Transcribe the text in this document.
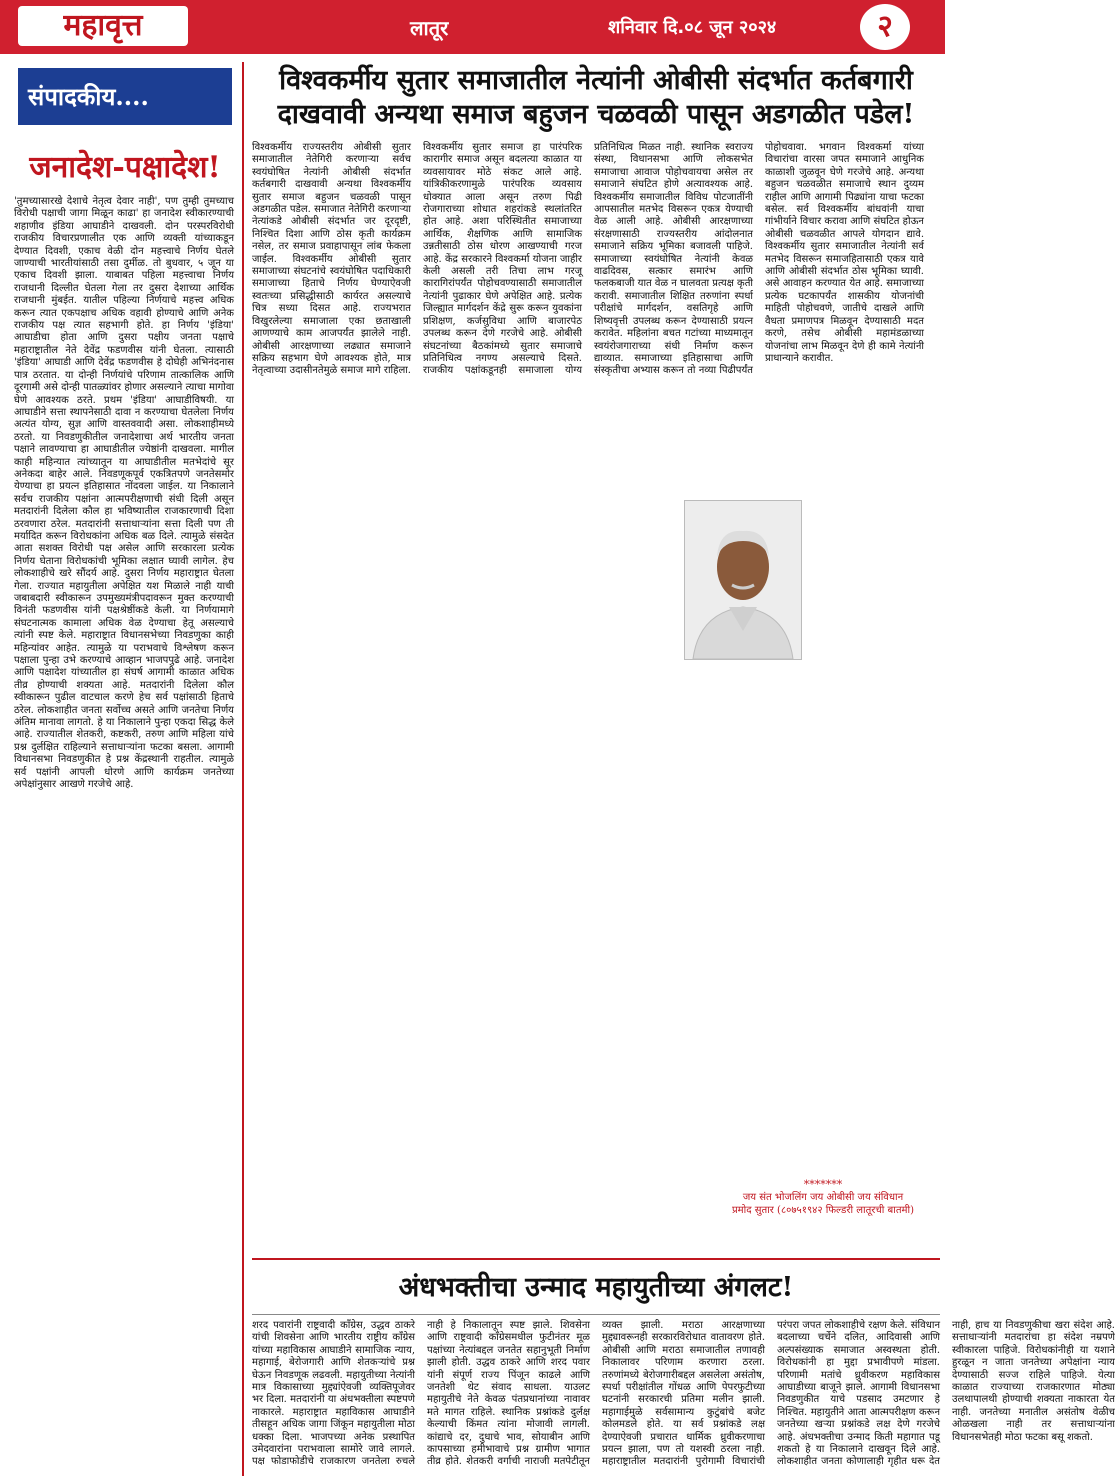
महावृत्त	लातूर	शनिवार दि.०८ जून २०२४	२
संपादकीय....
जनादेश-पक्षादेश!

'तुमच्यासारखे देशाचे नेतृत्व देवार नाही', पण तुम्ही तुमच्याच विरोधी पक्षाची जागा मिळून काढा' हा जनादेश स्वीकारण्याची शहाणीव इंडिया आघाडीने दाखवली. दोन परस्परविरोधी राजकीय विचारप्रणालीत एक आणि व्यक्ती यांच्याकडून देण्यात दिवशी, एकाच वेळी दोन महत्त्वाचे निर्णय घेतले जाण्याची भारतीयांसाठी तसा दुर्मीळ. तो बुधवार, ५ जून या एकाच दिवशी झाला. याबाबत पहिला महत्त्वाचा निर्णय राजधानी दिल्लीत घेतला गेला तर दुसरा देशाच्या आर्थिक राजधानी मुंबईत. यातील पहिल्या निर्णयाचे महत्त्व अधिक करून त्यात एकपक्षाच अधिक वहावी होण्याचे आणि अनेक राजकीय पक्ष त्यात सहभागी होते. हा निर्णय 'इंडिया' आघाडीचा होता आणि दुसरा पक्षीय जनता पक्षाचे महाराष्ट्रातील नेते देवेंद्र फडणवीस यांनी घेतला. त्यासाठी 'इंडिया' आघाडी आणि देवेंद्र फडणवीस हे दोघेही अभिनंदनास पात्र ठरतात. या दोन्ही निर्णयांचे परिणाम तात्कालिक आणि दूरगामी असे दोन्ही पातळ्यांवर होणार असल्याने त्याचा मागोवा घेणे आवश्यक ठरते. प्रथम 'इंडिया' आघाडीविषयी. या आघाडीने सत्ता स्थापनेसाठी दावा न करण्याचा घेतलेला निर्णय अत्यंत योग्य, सुज्ञ आणि वास्तववादी असा. लोकशाहीमध्ये ठरतो. या निवडणुकीतील जनादेशाचा अर्थ भारतीय जनता पक्षाने लावण्याचा हा आघाडीतील ज्येष्ठांनी दाखवला. मागील काही महिन्यात त्यांच्यातून या आघाडीतील मतभेदांचे सूर अनेकदा बाहेर आले. निवडणूकपूर्व एकत्रितपणे जनतेसमोर येण्याचा हा प्रयत्न इतिहासात नोंदवला जाईल. या निकालाने सर्वच राजकीय पक्षांना आत्मपरीक्षणाची संधी दिली असून मतदारांनी दिलेला कौल हा भविष्यातील राजकारणाची दिशा ठरवणारा ठरेल. मतदारांनी सत्ताधाऱ्यांना सत्ता दिली पण ती मर्यादित करून विरोधकांना अधिक बळ दिले. त्यामुळे संसदेत आता सशक्त विरोधी पक्ष असेल आणि सरकारला प्रत्येक निर्णय घेताना विरोधकांची भूमिका लक्षात घ्यावी लागेल. हेच लोकशाहीचे खरे सौंदर्य आहे. दुसरा निर्णय महाराष्ट्रात घेतला गेला. राज्यात महायुतीला अपेक्षित यश मिळाले नाही याची जबाबदारी स्वीकारून उपमुख्यमंत्रीपदावरून मुक्त करण्याची विनंती फडणवीस यांनी पक्षश्रेष्ठींकडे केली. या निर्णयामागे संघटनात्मक कामाला अधिक वेळ देण्याचा हेतू असल्याचे त्यांनी स्पष्ट केले. महाराष्ट्रात विधानसभेच्या निवडणुका काही महिन्यांवर आहेत. त्यामुळे या पराभवाचे विश्लेषण करून पक्षाला पुन्हा उभे करण्याचे आव्हान भाजपपुढे आहे. जनादेश आणि पक्षादेश यांच्यातील हा संघर्ष आगामी काळात अधिक तीव्र होण्याची शक्यता आहे. मतदारांनी दिलेला कौल स्वीकारून पुढील वाटचाल करणे हेच सर्व पक्षांसाठी हिताचे ठरेल. लोकशाहीत जनता सर्वोच्च असते आणि जनतेचा निर्णय अंतिम मानावा लागतो. हे या निकालाने पुन्हा एकदा सिद्ध केले आहे. राज्यातील शेतकरी, कष्टकरी, तरुण आणि महिला यांचे प्रश्न दुर्लक्षित राहिल्याने सत्ताधाऱ्यांना फटका बसला. आगामी विधानसभा निवडणुकीत हे प्रश्न केंद्रस्थानी राहतील. त्यामुळे सर्व पक्षांनी आपली धोरणे आणि कार्यक्रम जनतेच्या अपेक्षांनुसार आखणे गरजेचे आहे.

विश्वकर्मीय सुतार समाजातील नेत्यांनी ओबीसी संदर्भात कर्तबगारी दाखवावी अन्यथा समाज बहुजन चळवळी पासून अडगळीत पडेल!

विश्वकर्मीय राज्यस्तरीय ओबीसी सुतार समाजातील नेतेगिरी करणाऱ्या सर्वच स्वयंघोषित नेत्यांनी ओबीसी संदर्भात कर्तबगारी दाखवावी अन्यथा विश्वकर्मीय सुतार समाज बहुजन चळवळी पासून अडगळीत पडेल. समाजात नेतेगिरी करणाऱ्या नेत्यांकडे ओबीसी संदर्भात जर दूरदृष्टी, निश्चित दिशा आणि ठोस कृती कार्यक्रम नसेल, तर समाज प्रवाहापासून लांब फेकला जाईल. विश्वकर्मीय ओबीसी सुतार समाजाच्या संघटनांचे स्वयंघोषित पदाधिकारी समाजाच्या हिताचे निर्णय घेण्याऐवजी स्वतःच्या प्रसिद्धीसाठी कार्यरत असल्याचे चित्र सध्या दिसत आहे. राज्यभरात विखुरलेल्या समाजाला एका छताखाली आणण्याचे काम आजपर्यंत झालेले नाही. ओबीसी आरक्षणाच्या लढ्यात समाजाने सक्रिय सहभाग घेणे आवश्यक होते, मात्र नेतृत्वाच्या उदासीनतेमुळे समाज मागे राहिला. विश्वकर्मीय सुतार समाज हा पारंपरिक कारागीर समाज असून बदलत्या काळात या व्यवसायावर मोठे संकट आले आहे. यांत्रिकीकरणामुळे पारंपरिक व्यवसाय धोक्यात आला असून तरुण पिढी रोजगाराच्या शोधात शहरांकडे स्थलांतरित होत आहे. अशा परिस्थितीत समाजाच्या आर्थिक, शैक्षणिक आणि सामाजिक उन्नतीसाठी ठोस धोरण आखण्याची गरज आहे. केंद्र सरकारने विश्वकर्मा योजना जाहीर केली असली तरी तिचा लाभ गरजू कारागिरांपर्यंत पोहोचवण्यासाठी समाजातील नेत्यांनी पुढाकार घेणे अपेक्षित आहे. प्रत्येक जिल्ह्यात मार्गदर्शन केंद्रे सुरू करून युवकांना प्रशिक्षण, कर्जसुविधा आणि बाजारपेठ उपलब्ध करून देणे गरजेचे आहे. ओबीसी संघटनांच्या बैठकांमध्ये सुतार समाजाचे प्रतिनिधित्व नगण्य असल्याचे दिसते. राजकीय पक्षांकडूनही समाजाला योग्य प्रतिनिधित्व मिळत नाही. स्थानिक स्वराज्य संस्था, विधानसभा आणि लोकसभेत समाजाचा आवाज पोहोचवायचा असेल तर समाजाने संघटित होणे अत्यावश्यक आहे. विश्वकर्मीय समाजातील विविध पोटजातींनी आपसातील मतभेद विसरून एकत्र येण्याची वेळ आली आहे. ओबीसी आरक्षणाच्या संरक्षणासाठी राज्यस्तरीय आंदोलनात समाजाने सक्रिय भूमिका बजावली पाहिजे. समाजाच्या स्वयंघोषित नेत्यांनी केवळ वाढदिवस, सत्कार समारंभ आणि फलकबाजी यात वेळ न घालवता प्रत्यक्ष कृती करावी. समाजातील शिक्षित तरुणांना स्पर्धा परीक्षांचे मार्गदर्शन, वसतिगृहे आणि शिष्यवृत्ती उपलब्ध करून देण्यासाठी प्रयत्न करावेत. महिलांना बचत गटांच्या माध्यमातून स्वयंरोजगाराच्या संधी निर्माण करून द्याव्यात. समाजाच्या इतिहासाचा आणि संस्कृतीचा अभ्यास करून तो नव्या पिढीपर्यंत पोहोचवावा. भगवान विश्वकर्मा यांच्या विचारांचा वारसा जपत समाजाने आधुनिक काळाशी जुळवून घेणे गरजेचे आहे. अन्यथा बहुजन चळवळीत समाजाचे स्थान दुय्यम राहील आणि आगामी पिढ्यांना याचा फटका बसेल. सर्व विश्वकर्मीय बांधवांनी याचा गांभीर्याने विचार करावा आणि संघटित होऊन ओबीसी चळवळीत आपले योगदान द्यावे. विश्वकर्मीय सुतार समाजातील नेत्यांनी सर्व मतभेद विसरून समाजहितासाठी एकत्र यावे आणि ओबीसी संदर्भात ठोस भूमिका घ्यावी. असे आवाहन करण्यात येत आहे. समाजाच्या प्रत्येक घटकापर्यंत शासकीय योजनांची माहिती पोहोचवणे, जातीचे दाखले आणि वैधता प्रमाणपत्र मिळवून देण्यासाठी मदत करणे, तसेच ओबीसी महामंडळाच्या योजनांचा लाभ मिळवून देणे ही कामे नेत्यांनी प्राधान्याने करावीत.

*******
जय संत भोजलिंग जय ओबीसी जय संविधान
प्रमोद सुतार (८०७५१९४२ फिल्डरी लातूरची बातमी)
अंधभक्तीचा उन्माद महायुतीच्या अंगलट!

शरद पवारांनी राष्ट्रवादी काँग्रेस, उद्धव ठाकरे यांची शिवसेना आणि भारतीय राष्ट्रीय काँग्रेस यांच्या महाविकास आघाडीने सामाजिक न्याय, महागाई, बेरोजगारी आणि शेतकऱ्यांचे प्रश्न घेऊन निवडणूक लढवली. महायुतीच्या नेत्यांनी मात्र विकासाच्या मुद्द्यांऐवजी व्यक्तिपूजेवर भर दिला. मतदारांनी या अंधभक्तीला स्पष्टपणे नाकारले. महाराष्ट्रात महाविकास आघाडीने तीसहून अधिक जागा जिंकून महायुतीला मोठा धक्का दिला. भाजपच्या अनेक प्रस्थापित उमेदवारांना पराभवाला सामोरे जावे लागले. पक्ष फोडाफोडीचे राजकारण जनतेला रुचले नाही हे निकालातून स्पष्ट झाले. शिवसेना आणि राष्ट्रवादी काँग्रेसमधील फुटीनंतर मूळ पक्षांच्या नेत्यांबद्दल जनतेत सहानुभूती निर्माण झाली होती. उद्धव ठाकरे आणि शरद पवार यांनी संपूर्ण राज्य पिंजून काढले आणि जनतेशी थेट संवाद साधला. याउलट महायुतीचे नेते केवळ पंतप्रधानांच्या नावावर मते मागत राहिले. स्थानिक प्रश्नांकडे दुर्लक्ष केल्याची किंमत त्यांना मोजावी लागली. कांद्याचे दर, दुधाचे भाव, सोयाबीन आणि कापसाच्या हमीभावाचे प्रश्न ग्रामीण भागात तीव्र होते. शेतकरी वर्गाची नाराजी मतपेटीतून व्यक्त झाली. मराठा आरक्षणाच्या मुद्द्यावरूनही सरकारविरोधात वातावरण होते. ओबीसी आणि मराठा समाजातील तणावही निकालावर परिणाम करणारा ठरला. तरुणांमध्ये बेरोजगारीबद्दल असलेला असंतोष, स्पर्धा परीक्षांतील गोंधळ आणि पेपरफुटीच्या घटनांनी सरकारची प्रतिमा मलीन झाली. महागाईमुळे सर्वसामान्य कुटुंबांचे बजेट कोलमडले होते. या सर्व प्रश्नांकडे लक्ष देण्याऐवजी प्रचारात धार्मिक ध्रुवीकरणाचा प्रयत्न झाला, पण तो यशस्वी ठरला नाही. महाराष्ट्रातील मतदारांनी पुरोगामी विचारांची परंपरा जपत लोकशाहीचे रक्षण केले. संविधान बदलाच्या चर्चेने दलित, आदिवासी आणि अल्पसंख्याक समाजात अस्वस्थता होती. विरोधकांनी हा मुद्दा प्रभावीपणे मांडला. परिणामी मतांचे ध्रुवीकरण महाविकास आघाडीच्या बाजूने झाले. आगामी विधानसभा निवडणुकीत याचे पडसाद उमटणार हे निश्चित. महायुतीने आता आत्मपरीक्षण करून जनतेच्या खऱ्या प्रश्नांकडे लक्ष देणे गरजेचे आहे. अंधभक्तीचा उन्माद किती महागात पडू शकतो हे या निकालाने दाखवून दिले आहे. लोकशाहीत जनता कोणालाही गृहीत धरू देत नाही, हाच या निवडणुकीचा खरा संदेश आहे. सत्ताधाऱ्यांनी मतदारांचा हा संदेश नम्रपणे स्वीकारला पाहिजे. विरोधकांनीही या यशाने हुरळून न जाता जनतेच्या अपेक्षांना न्याय देण्यासाठी सज्ज राहिले पाहिजे. येत्या काळात राज्याच्या राजकारणात मोठ्या उलथापालथी होण्याची शक्यता नाकारता येत नाही. जनतेच्या मनातील असंतोष वेळीच ओळखला नाही तर सत्ताधाऱ्यांना विधानसभेतही मोठा फटका बसू शकतो.
